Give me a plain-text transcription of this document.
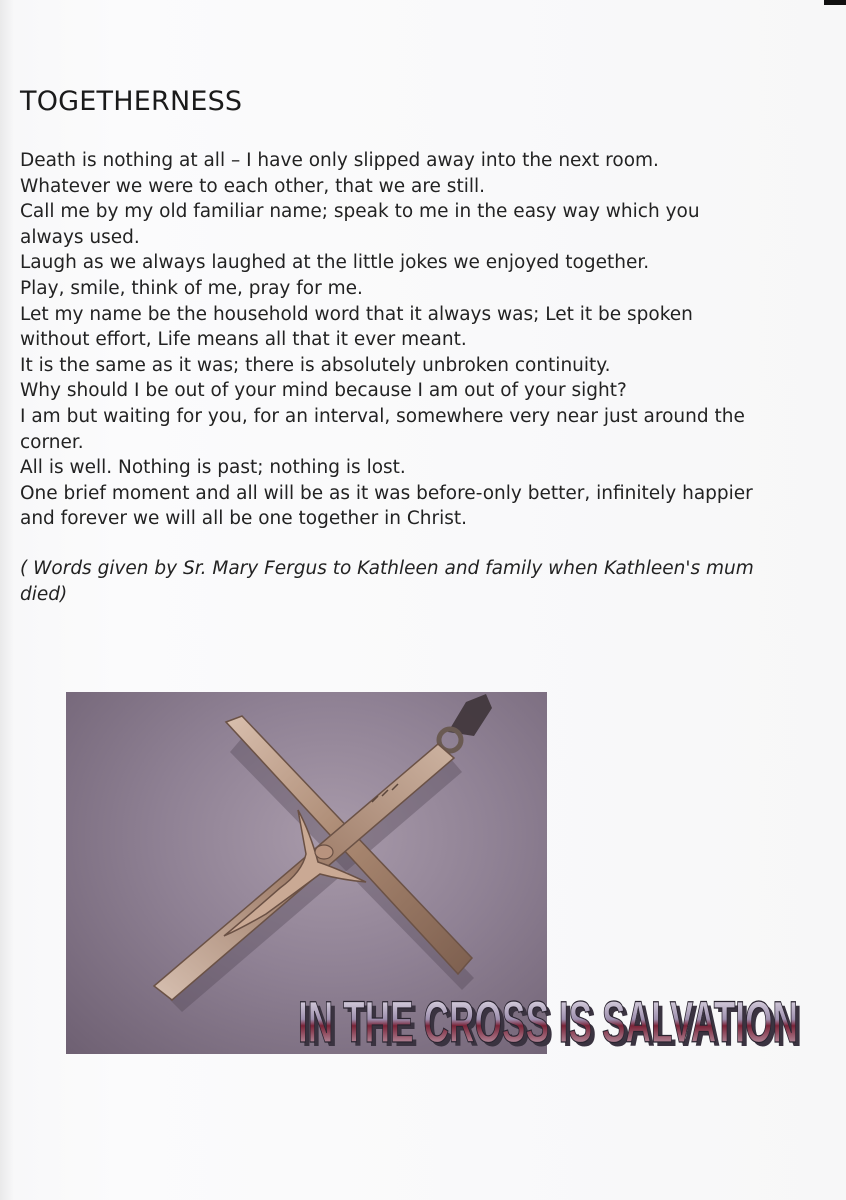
TOGETHERNESS
Death is nothing at all – I have only slipped away into the next room.
Whatever we were to each other, that we are still.
Call me by my old familiar name; speak to me in the easy way which you
always used.
Laugh as we always laughed at the little jokes we enjoyed together.
Play, smile, think of me, pray for me.
Let my name be the household word that it always was; Let it be spoken
without effort, Life means all that it ever meant.
It is the same as it was; there is absolutely unbroken continuity.
Why should I be out of your mind because I am out of your sight?
I am but waiting for you, for an interval, somewhere very near just around the
corner.
All is well. Nothing is past; nothing is lost.
One brief moment and all will be as it was before-only better, infinitely happier
and forever we will all be one together in Christ.
( Words given by Sr. Mary Fergus to Kathleen and family when Kathleen's mum
died)
IN THE CROSS IS SALVATION
IN THE CROSS IS SALVATION
